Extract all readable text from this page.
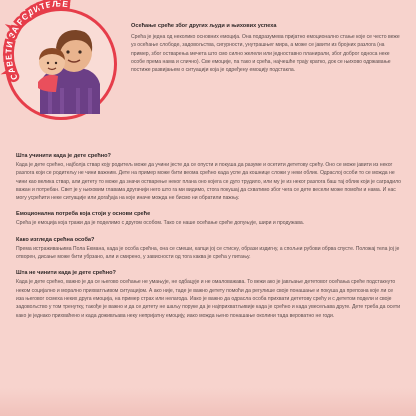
САВЕТИ ЗА РОДИТЕЉЕ
Осећање среће због других људи и њихових успеха
Срећа је једна од неколико основних емоција. Она подразумева пријатно емоционално стање које се често веже уз осећање слободе, задовољства, сигурности, унутрашњег мира, а може се јавити из бројних разлога (на пример, због остварења мечета што смо силно желели или једноставно планирали, због доброг односа неке особе према нама и слично). Све емоције, па тако и срећа, најчешће трају кратко, док се њихово одржавање постиже развијањем о ситуацији која је одређену емоцију подстакла.
Шта учинити када је дете срећно?
Када је дете срећно, најболја ствар коју родитељ може да учини јесте да се опусти и покуша да разуме и осетити дететову срећу. Оно се може јавити из неког разлога који се родитељу не чини важним. Дете на пример може бити веома срећно када успе да кошнице сложи у неки облик. Одраслој особи то се можда не чини као велика ствар, али детету то може да значи остварење неког плана оно којега се дуго трудило, или му је из неког разлога баш тај облик који је саградило важан и потребан. Свет је у њиховим главама другачији него што га ми видимо, стога покушај да схватимо због чега се дете весели може помоћи и нама. И нас могу усрећити неке ситуације или догађаја на које иначе можда не бисмо ни обратили пажњу.
Емоционална потреба која стоји у основи среће
Срећа је емоција која тражи да је поделимо с другом особом. Тако се наше осећање среће допуњује, шири и продужава.
Како изгледа срећна особа?
Према истраживањима Пола Екмана, када је особа срећна, она се смеши, капци јој се стиснy, образи издигну, а спољни рубови обрва спусте. Положај тела јој је отворен, дисање може бити убрзано, али и смирено, у зависности од тога каква је срећа у питању.
Шта не чинити када је дете срећно?
Када је дете срећно, важно је да се његово осећање не умањује, не одбацује и не омаловажава. То вежи ако је јављање дететовог осећања среће подстакнуто неком социјално и морално прихватљивом ситуацијом. А ако није, таде је важно детету помоћи да регулише своје понашање и покуша да препозна које ли се иза његовог осмеха неких друга емоција, на пример страх или нелагода. Иако је важно да одрасла особа прихвати дететову срећу и с дететом подели и своје задовољство у том тренутку, такође је важно и да се детету не шаљу поруке да је најприхватљивије када је срећно и када увесељава друге. Дете треба да осети како је једнако прихваћено и када доживљава неку непријатну емоцију, иако можда њено понашање околини тада вероватно не годи.
